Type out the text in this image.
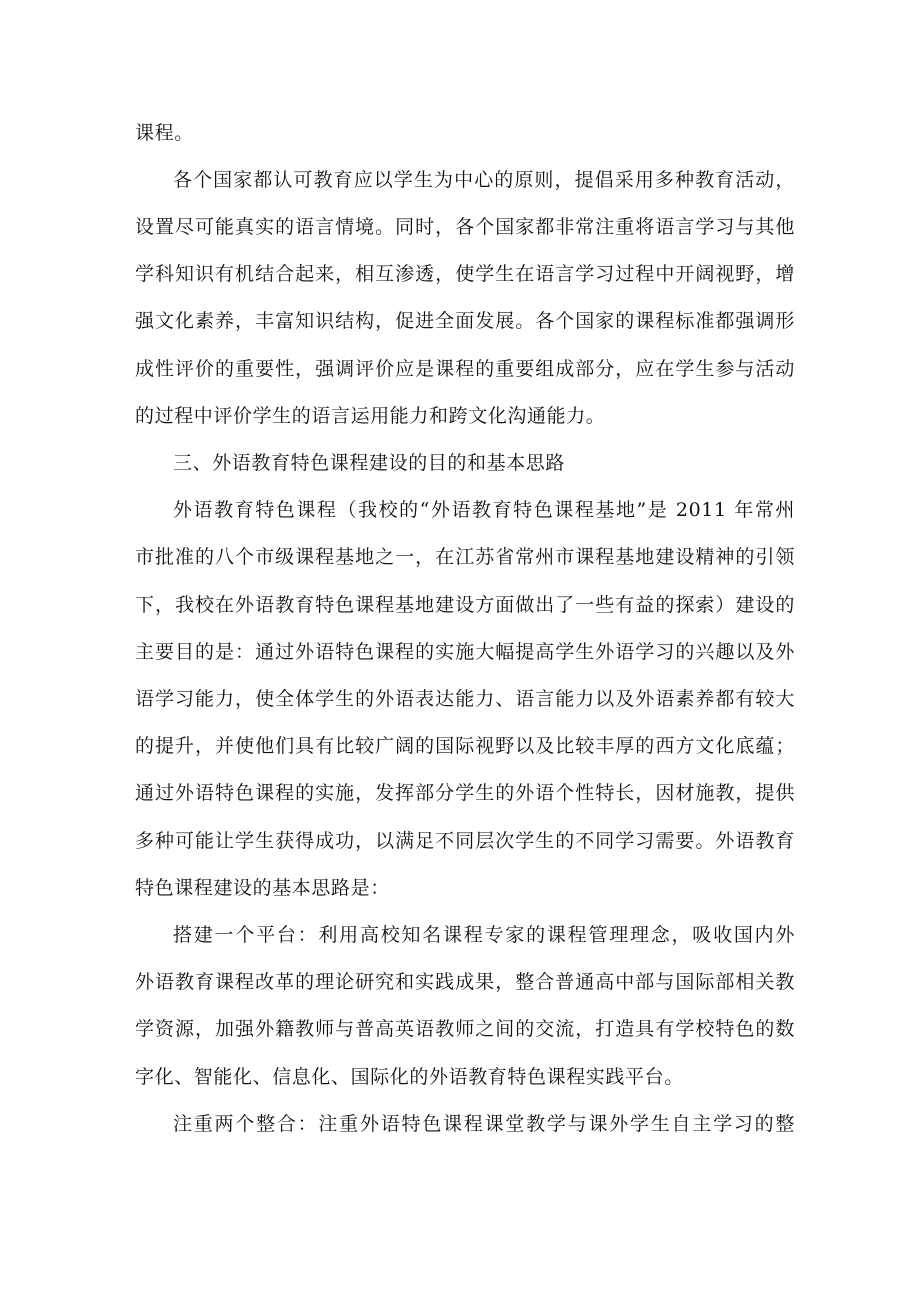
课程。
各个国家都认可教育应以学生为中心的原则，提倡采用多种教育活动，
设置尽可能真实的语言情境。同时，各个国家都非常注重将语言学习与其他
学科知识有机结合起来，相互渗透，使学生在语言学习过程中开阔视野，增
强文化素养，丰富知识结构，促进全面发展。各个国家的课程标准都强调形
成性评价的重要性，强调评价应是课程的重要组成部分，应在学生参与活动
的过程中评价学生的语言运用能力和跨文化沟通能力。
三、外语教育特色课程建设的目的和基本思路
外语教育特色课程（我校的“外语教育特色课程基地”是 2011 年常州
市批准的八个市级课程基地之一，在江苏省常州市课程基地建设精神的引领
下，我校在外语教育特色课程基地建设方面做出了一些有益的探索）建设的
主要目的是：通过外语特色课程的实施大幅提高学生外语学习的兴趣以及外
语学习能力，使全体学生的外语表达能力、语言能力以及外语素养都有较大
的提升，并使他们具有比较广阔的国际视野以及比较丰厚的西方文化底蕴；
通过外语特色课程的实施，发挥部分学生的外语个性特长，因材施教，提供
多种可能让学生获得成功，以满足不同层次学生的不同学习需要。外语教育
特色课程建设的基本思路是：
搭建一个平台：利用高校知名课程专家的课程管理理念，吸收国内外
外语教育课程改革的理论研究和实践成果，整合普通高中部与国际部相关教
学资源，加强外籍教师与普高英语教师之间的交流，打造具有学校特色的数
字化、智能化、信息化、国际化的外语教育特色课程实践平台。
注重两个整合：注重外语特色课程课堂教学与课外学生自主学习的整
